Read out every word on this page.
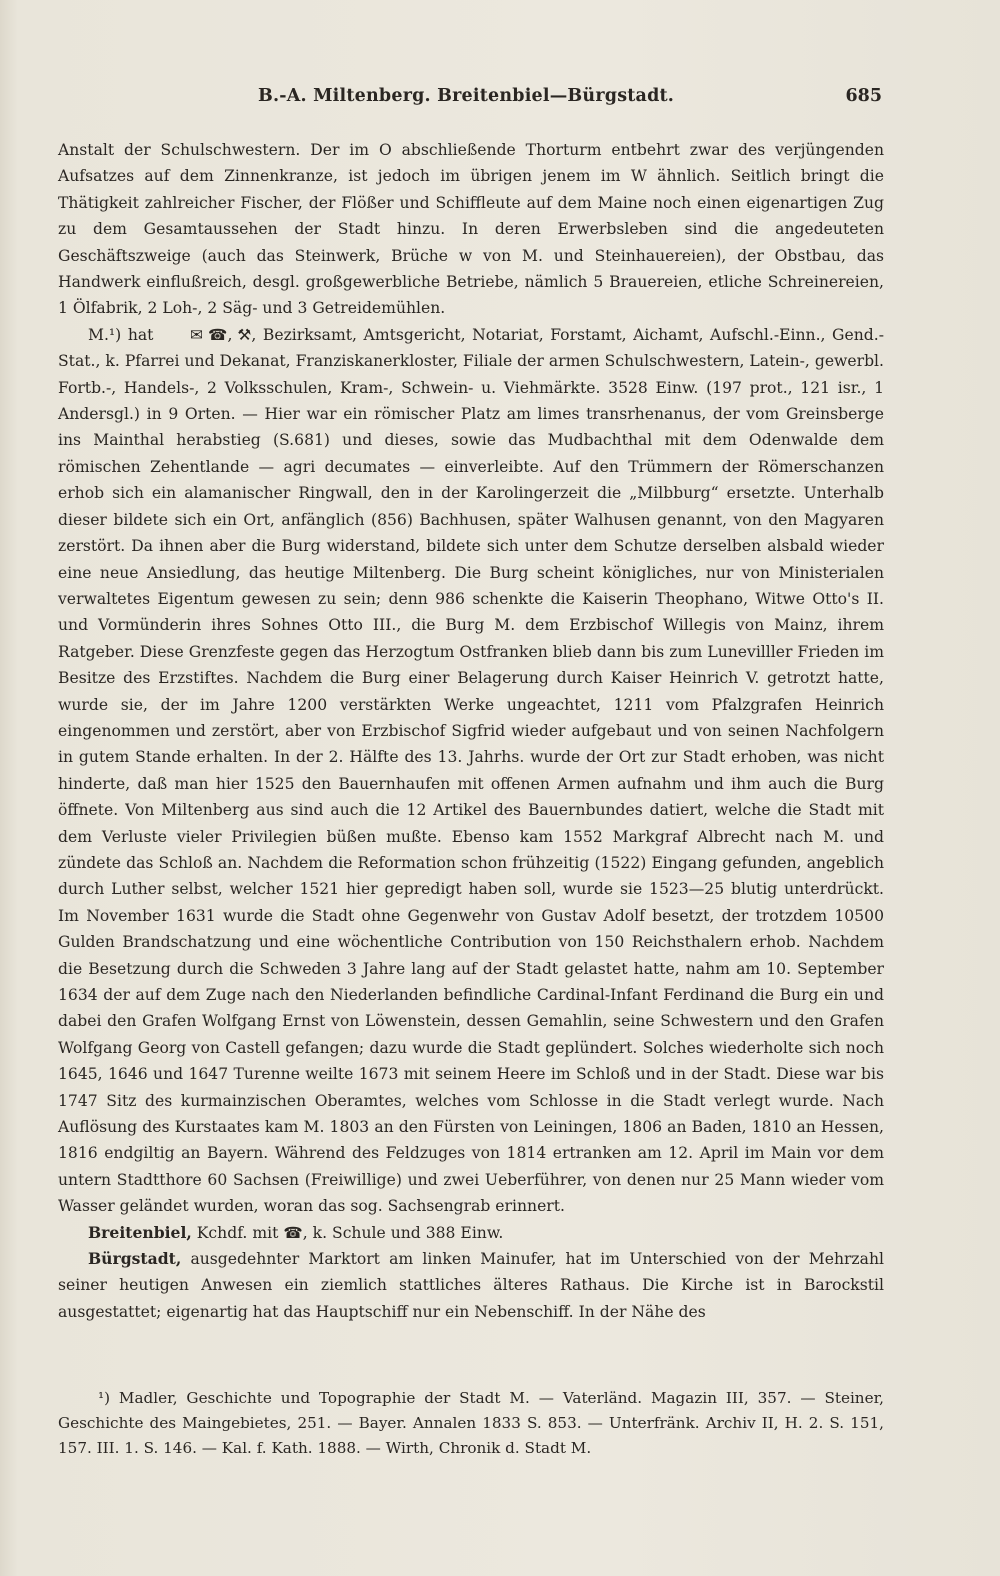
B.-A. Miltenberg. Breitenbiel—Bürgstadt.	685

Anstalt der Schulschwestern. Der im O abschließende Thorturm entbehrt zwar des verjüngenden Aufsatzes auf dem Zinnenkranze, ist jedoch im übrigen jenem im W ähnlich. Seitlich bringt die Thätigkeit zahlreicher Fischer, der Flößer und Schiffleute auf dem Maine noch einen eigenartigen Zug zu dem Gesamtaussehen der Stadt hinzu. In deren Erwerbsleben sind die angedeuteten Geschäftszweige (auch das Steinwerk, Brüche w von M. und Steinhauereien), der Obstbau, das Handwerk einflußreich, desgl. großgewerbliche Betriebe, nämlich 5 Brauereien, etliche Schreinereien, 1 Ölfabrik, 2 Loh-, 2 Säg- und 3 Getreidemühlen.

M.¹) hat ✉ ☎, ⚒, Bezirksamt, Amtsgericht, Notariat, Forstamt, Aichamt, Aufschl.-Einn., Gend.-Stat., k. Pfarrei und Dekanat, Franziskanerkloster, Filiale der armen Schulschwestern, Latein-, gewerbl. Fortb.-, Handels-, 2 Volksschulen, Kram-, Schwein- u. Viehmärkte. 3528 Einw. (197 prot., 121 isr., 1 Andersgl.) in 9 Orten. — Hier war ein römischer Platz am limes transrhenanus, der vom Greinsberge ins Mainthal herabstieg (S.681) und dieses, sowie das Mudbachthal mit dem Odenwalde dem römischen Zehentlande — agri decumates — einverleibte. Auf den Trümmern der Römerschanzen erhob sich ein alamanischer Ringwall, den in der Karolingerzeit die „Milbburg“ ersetzte. Unterhalb dieser bildete sich ein Ort, anfänglich (856) Bachhusen, später Walhusen genannt, von den Magyaren zerstört. Da ihnen aber die Burg widerstand, bildete sich unter dem Schutze derselben alsbald wieder eine neue Ansiedlung, das heutige Miltenberg. Die Burg scheint königliches, nur von Ministerialen verwaltetes Eigentum gewesen zu sein; denn 986 schenkte die Kaiserin Theophano, Witwe Otto's II. und Vormünderin ihres Sohnes Otto III., die Burg M. dem Erzbischof Willegis von Mainz, ihrem Ratgeber. Diese Grenzfeste gegen das Herzogtum Ostfranken blieb dann bis zum Lunevilller Frieden im Besitze des Erzstiftes. Nachdem die Burg einer Belagerung durch Kaiser Heinrich V. getrotzt hatte, wurde sie, der im Jahre 1200 verstärkten Werke ungeachtet, 1211 vom Pfalzgrafen Heinrich eingenommen und zerstört, aber von Erzbischof Sigfrid wieder aufgebaut und von seinen Nachfolgern in gutem Stande erhalten. In der 2. Hälfte des 13. Jahrhs. wurde der Ort zur Stadt erhoben, was nicht hinderte, daß man hier 1525 den Bauernhaufen mit offenen Armen aufnahm und ihm auch die Burg öffnete. Von Miltenberg aus sind auch die 12 Artikel des Bauernbundes datiert, welche die Stadt mit dem Verluste vieler Privilegien büßen mußte. Ebenso kam 1552 Markgraf Albrecht nach M. und zündete das Schloß an. Nachdem die Reformation schon frühzeitig (1522) Eingang gefunden, angeblich durch Luther selbst, welcher 1521 hier gepredigt haben soll, wurde sie 1523—25 blutig unterdrückt. Im November 1631 wurde die Stadt ohne Gegenwehr von Gustav Adolf besetzt, der trotzdem 10500 Gulden Brandschatzung und eine wöchentliche Contribution von 150 Reichsthalern erhob. Nachdem die Besetzung durch die Schweden 3 Jahre lang auf der Stadt gelastet hatte, nahm am 10. September 1634 der auf dem Zuge nach den Niederlanden befindliche Cardinal-Infant Ferdinand die Burg ein und dabei den Grafen Wolfgang Ernst von Löwenstein, dessen Gemahlin, seine Schwestern und den Grafen Wolfgang Georg von Castell gefangen; dazu wurde die Stadt geplündert. Solches wiederholte sich noch 1645, 1646 und 1647 Turenne weilte 1673 mit seinem Heere im Schloß und in der Stadt. Diese war bis 1747 Sitz des kurmainzischen Oberamtes, welches vom Schlosse in die Stadt verlegt wurde. Nach Auflösung des Kurstaates kam M. 1803 an den Fürsten von Leiningen, 1806 an Baden, 1810 an Hessen, 1816 endgiltig an Bayern. Während des Feldzuges von 1814 ertranken am 12. April im Main vor dem untern Stadtthore 60 Sachsen (Freiwillige) und zwei Ueberführer, von denen nur 25 Mann wieder vom Wasser geländet wurden, woran das sog. Sachsengrab erinnert.

Breitenbiel, Kchdf. mit ☎, k. Schule und 388 Einw.

Bürgstadt, ausgedehnter Marktort am linken Mainufer, hat im Unterschied von der Mehrzahl seiner heutigen Anwesen ein ziemlich stattliches älteres Rathaus. Die Kirche ist in Barockstil ausgestattet; eigenartig hat das Hauptschiff nur ein Nebenschiff. In der Nähe des

¹) Madler, Geschichte und Topographie der Stadt M. — Vaterländ. Magazin III, 357. — Steiner, Geschichte des Maingebietes, 251. — Bayer. Annalen 1833 S. 853. — Unterfränk. Archiv II, H. 2. S. 151, 157. III. 1. S. 146. — Kal. f. Kath. 1888. — Wirth, Chronik d. Stadt M.
